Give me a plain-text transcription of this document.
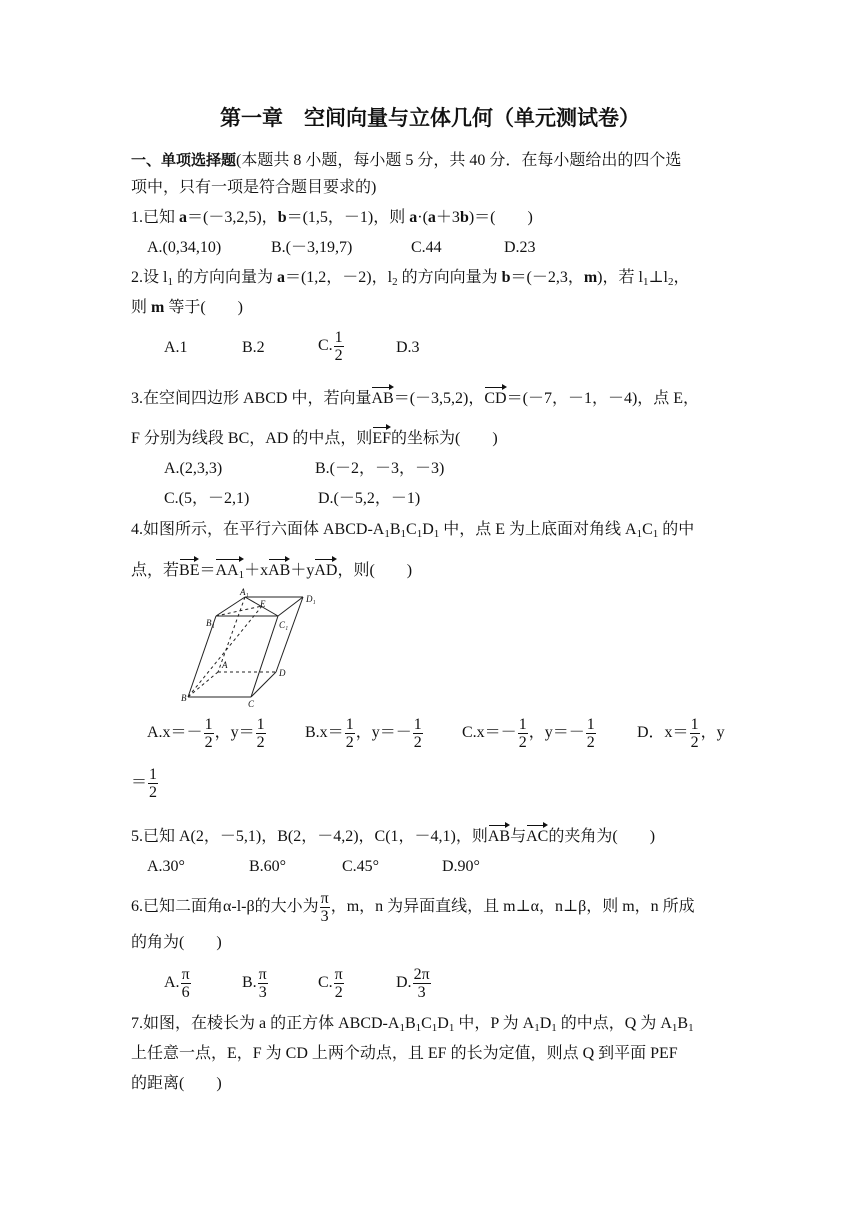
第一章　空间向量与立体几何（单元测试卷）
一、单项选择题(本题共 8 小题，每小题 5 分，共 40 分．在每小题给出的四个选
项中，只有一项是符合题目要求的)
1.已知 a＝(－3,2,5)，b＝(1,5，－1)，则 a·(a＋3b)＝(　　)
A.(0,34,10)	B.(－3,19,7)	C.44	D.23
2.设 $l_1$ 的方向向量为 a＝(1,2，－2)，$l_2$ 的方向向量为 b＝(－2,3，m)，若 $l_1\perp l_2$，
则 m 等于(　　)
A.1	B.2	C. $\frac{1}{2}$	D.3
3.在空间四边形 ABCD 中，若向量AB＝(－3,5,2)，CD＝(－7，－1，－4)，点 E，
F 分别为线段 BC，AD 的中点，则EF的坐标为(　　)
A.(2,3,3)	B.(－2，－3，－3)
C.(5，－2,1)	D.(－5,2，－1)
4.如图所示，在平行六面体 ABCD-$A_1B_1C_1D_1$ 中，点 E 为上底面对角线 $A_1C_1$ 的中
点，若$BE=AA_1+xAB+yAD$，则(　　)
A₁
E	D₁
B₁	C₁
A
D
B
C
$A.x=- \frac{1}{2}$ ，$y= \frac{1}{2} B.x= \frac{1}{2}$ ，$y=- \frac{1}{2} C.x=- \frac{1}{2}$ ，$y=- \frac{1}{2}$	D．$x= \frac{1}{2}$ ，y
＝ $\frac{1}{2}$
5.已知 A(2，－5,1)，B(2，－4,2)，C(1，－4,1)，则AB与AC的夹角为(　　)
A.30°	B.60°	C.45°	D.90°
6.已知二面角α-l-β的大小为 $\frac{\pi}{3}$ ，m，n 为异面直线，且 m⊥α，n⊥β，则 m，n 所成
的角为(　　)
A. $\frac{\pi}{6}$	B. $\frac{\pi}{3}$	C. $\frac{\pi}{2}$	D. $\frac{2\pi}{3}$
7.如图，在棱长为 a 的正方体 ABCD-$A_1B_1C_1D_1$ 中，P 为 $A_1D_1$ 的中点，Q 为 $A_1B_1$
上任意一点，E，F 为 CD 上两个动点，且 EF 的长为定值，则点 Q 到平面 PEF
的距离(　　)
